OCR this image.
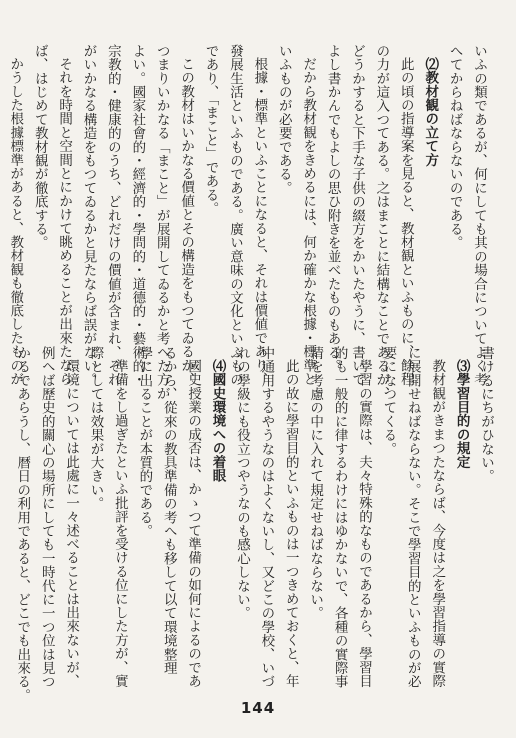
いふの類であるが、何にしても其の場合についてよく考
へてからねばならないのである。
⑵教材観の立て方
此の頃の指導案を見ると、教材観といふものに、餘程
の力が這入つてある。之はまことに結構なことであるが、
どうかすると下手な子供の綴方をかいたやうに、書いて
よし書かんでもよしの思ひ附きを並べたものもある。
だから教材観をきめるには、何か確かな根據・標準と
いふものが必要である。
根據・標準といふことになると、それは價値であり、
發展生活といふものである。廣い意味の文化といふもの
であり、「まこと」である。
この教材はいかなる價値とその構造をもつてゐるか、
つまりいかなる「まこと」が展開してゐるかと考へた方が
よい。國家社會的・經濟的・學問的・道德的・藝術的・
宗教的・健康的のうち、どれだけの價値が含まれ、それ
がいかなる構造をもつてゐるかと見たならば誤がない。
それを時間と空間とにかけて眺めることが出來たなら
ば、はじめて教材観が徹底する。
かうした根據標準があると、教材観も徹底したものが
書けるにちがひない。
⑶學習目的の規定
教材観がきまつたならば、今度は之を學習指導の實際
に展開せねばならない。そこで學習目的といふものが必
要になつてくる。
學習の實際は、夫々特殊的なものであるから、學習目
的も一般的に律するわけにはゆかないで、各種の實際事
情を考慮の中に入れて規定せねばならない。
此の故に學習目的といふものは一つきめておくと、年
中通用するやうなのはよくないし、又どこの學校、いづ
れの學級にも役立つやうなのも感心しない。
⑷國史環境への着眼
國史授業の成否は、かゝつて準備の如何によるのであ
るから、從來の教具準備の考へも移して以て環境整理
學に出ることが本質的である。
準備をし過ぎたといふ批評を受ける位にした方が、實
際としては效果が大きい。
環境については此處に一々述べることは出來ないが、
例へば歷史的關心の場所にしても一時代に一つ位は見つ
かるであらうし、暦日の利用であると、どこでも出來る。
144
